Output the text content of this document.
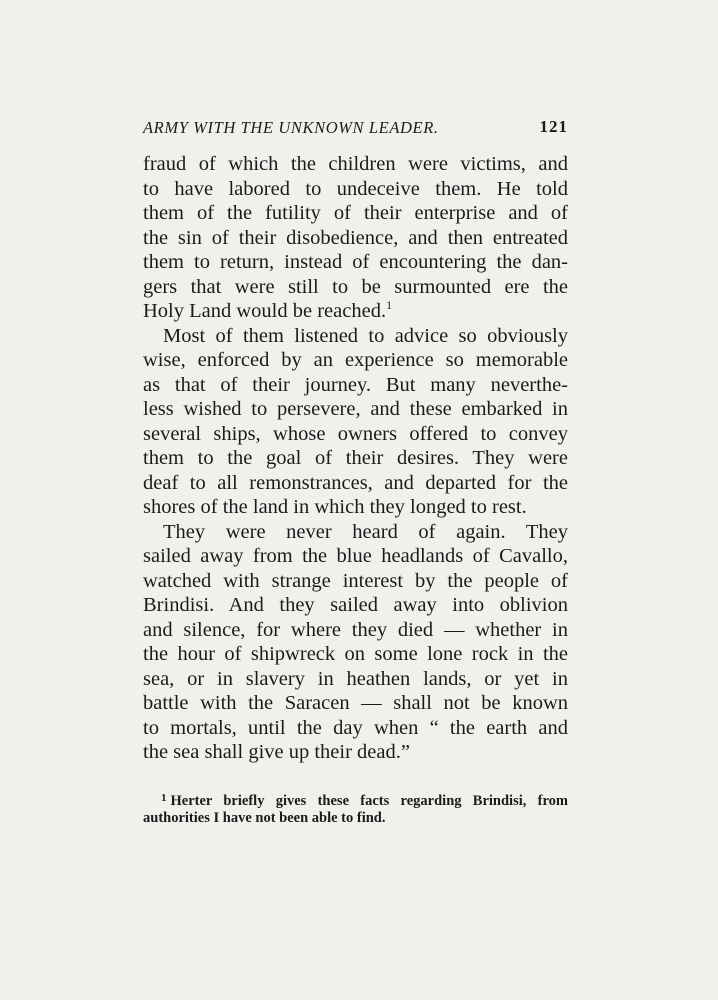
ARMY WITH THE UNKNOWN LEADER.	121
fraud of which the children were victims, and
to have labored to undeceive them. He told
them of the futility of their enterprise and of
the sin of their disobedience, and then entreated
them to return, instead of encountering the dan-
gers that were still to be surmounted ere the
Holy Land would be reached.$^1$
Most of them listened to advice so obviously
wise, enforced by an experience so memorable
as that of their journey. But many neverthe-
less wished to persevere, and these embarked in
several ships, whose owners offered to convey
them to the goal of their desires. They were
deaf to all remonstrances, and departed for the
shores of the land in which they longed to rest.
They were never heard of again. They
sailed away from the blue headlands of Cavallo,
watched with strange interest by the people of
Brindisi. And they sailed away into oblivion
and silence, for where they died — whether in
the hour of shipwreck on some lone rock in the
sea, or in slavery in heathen lands, or yet in
battle with the Saracen — shall not be known
to mortals, until the day when “ the earth and
the sea shall give up their dead.”
$^1$ Herter briefly gives these facts regarding Brindisi, from
authorities I have not been able to find.
